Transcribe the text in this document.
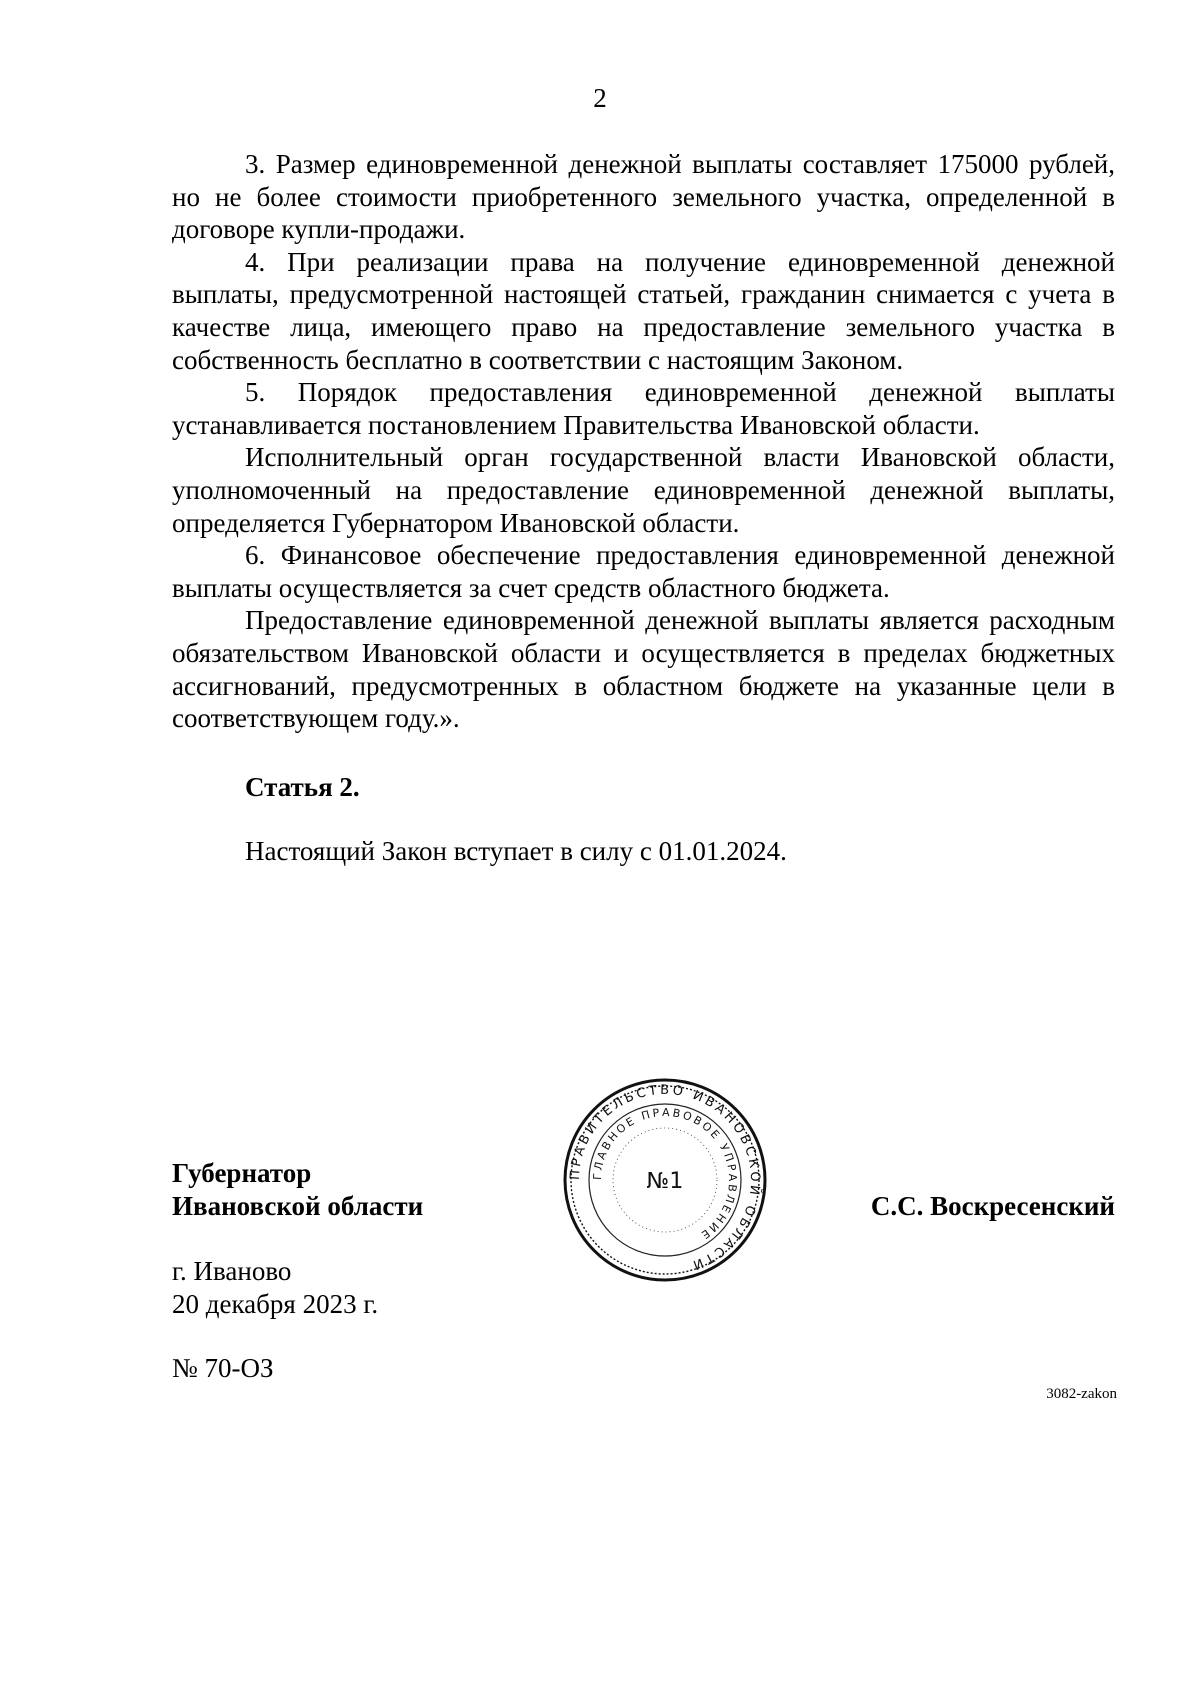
2

3. Размер единовременной денежной выплаты составляет 175000 рублей, но не более стоимости приобретенного земельного участка, определенной в договоре купли-продажи.

4. При реализации права на получение единовременной денежной выплаты, предусмотренной настоящей статьей, гражданин снимается с учета в качестве лица, имеющего право на предоставление земельного участка в собственность бесплатно в соответствии с настоящим Законом.

5. Порядок предоставления единовременной денежной выплаты устанавливается постановлением Правительства Ивановской области.

Исполнительный орган государственной власти Ивановской области, уполномоченный на предоставление единовременной денежной выплаты, определяется Губернатором Ивановской области.

6. Финансовое обеспечение предоставления единовременной денежной выплаты осуществляется за счет средств областного бюджета.

Предоставление единовременной денежной выплаты является расходным обязательством Ивановской области и осуществляется в пределах бюджетных ассигнований, предусмотренных в областном бюджете на указанные цели в соответствующем году.».

Статья 2.
Настоящий Закон вступает в силу с 01.01.2024.
Губернатор
Ивановской области	С.С. Воскресенский
ПРАВИТЕЛЬСТВО ИВАНОВСКОЙ ОБЛАСТИ
ГЛАВНОЕ ПРАВОВОЕ УПРАВЛЕНИЕ
№1
г. Иваново
20 декабря 2023 г.
№ 70-ОЗ
3082-zakon
